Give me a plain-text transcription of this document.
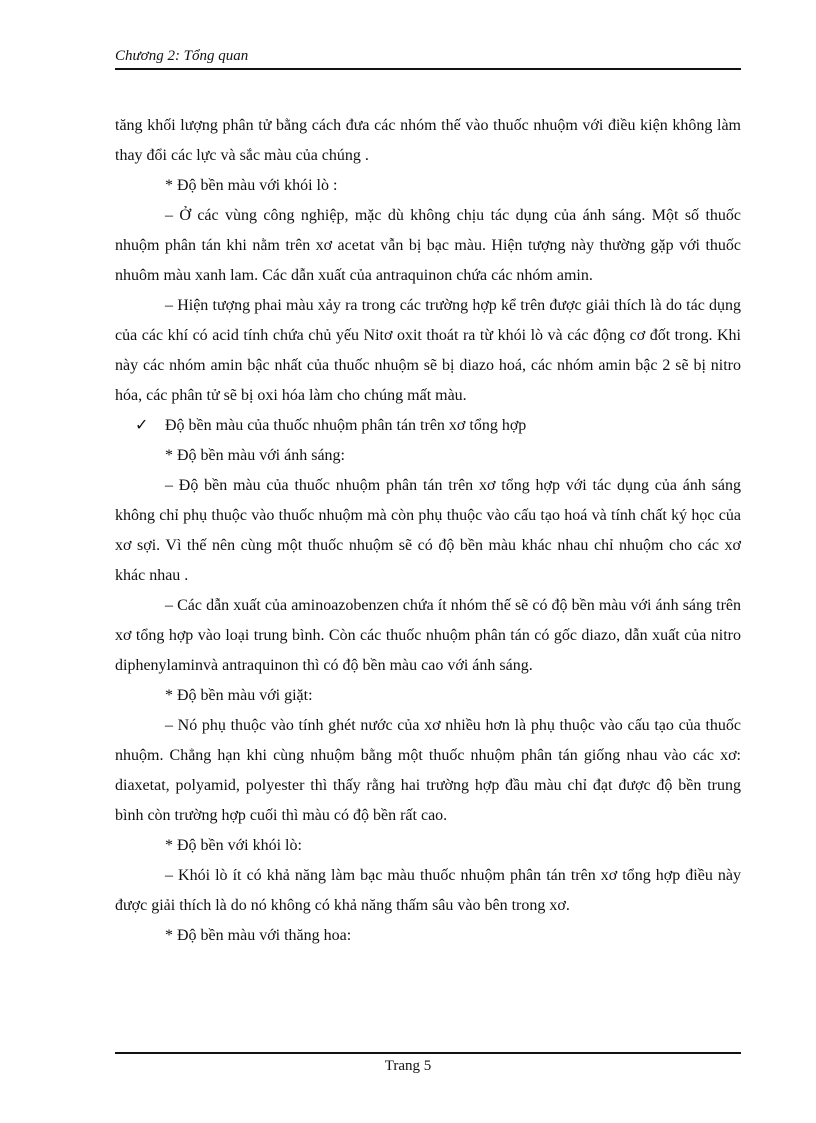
Chương 2: Tổng quan

tăng khối lượng phân tử bằng cách đưa các nhóm thế vào thuốc nhuộm với điều kiện không làm thay đổi các lực và sắc màu của chúng .

* Độ bền màu với khói lò :

– Ở các vùng công nghiệp, mặc dù không chịu tác dụng của ánh sáng. Một số thuốc nhuộm phân tán khi nằm trên xơ acetat vẫn bị bạc màu. Hiện tượng này thường gặp với thuốc nhuôm màu xanh lam. Các dẫn xuất của antraquinon chứa các nhóm amin.

– Hiện tượng phai màu xảy ra trong các trường hợp kể trên được giải thích là do tác dụng của các khí có acid tính chứa chủ yếu Nitơ oxit thoát ra từ khói lò và các động cơ đốt trong. Khi này các nhóm amin bậc nhất của thuốc nhuộm sẽ bị diazo hoá, các nhóm amin bậc 2 sẽ bị nitro hóa, các phân tử sẽ bị oxi hóa làm cho chúng mất màu.

✓ Độ bền màu của thuốc nhuộm phân tán trên xơ tổng hợp

* Độ bền màu với ánh sáng:

– Độ bền màu của thuốc nhuộm phân tán trên xơ tổng hợp với tác dụng của ánh sáng không chỉ phụ thuộc vào thuốc nhuộm mà còn phụ thuộc vào cấu tạo hoá và tính chất ký học của xơ sợi. Vì thế nên cùng một thuốc nhuộm sẽ có độ bền màu khác nhau chỉ nhuộm cho các xơ khác nhau .

– Các dẫn xuất của aminoazobenzen chứa ít nhóm thế sẽ có độ bền màu với ánh sáng trên xơ tổng hợp vào loại trung bình. Còn các thuốc nhuộm phân tán có gốc diazo, dẫn xuất của nitro diphenylaminvà antraquinon thì có độ bền màu cao với ánh sáng.

* Độ bền màu với giặt:

– Nó phụ thuộc vào tính ghét nước của xơ nhiều hơn là phụ thuộc vào cấu tạo của thuốc nhuộm. Chẳng hạn khi cùng nhuộm bằng một thuốc nhuộm phân tán giống nhau vào các xơ: diaxetat, polyamid, polyester thì thấy rằng hai trường hợp đầu màu chỉ đạt được độ bền trung bình còn trường hợp cuối thì màu có độ bền rất cao.

* Độ bền với khói lò:

– Khói lò ít có khả năng làm bạc màu thuốc nhuộm phân tán trên xơ tổng hợp điều này được giải thích là do nó không có khả năng thấm sâu vào bên trong xơ.

* Độ bền màu với thăng hoa:

Trang 5
